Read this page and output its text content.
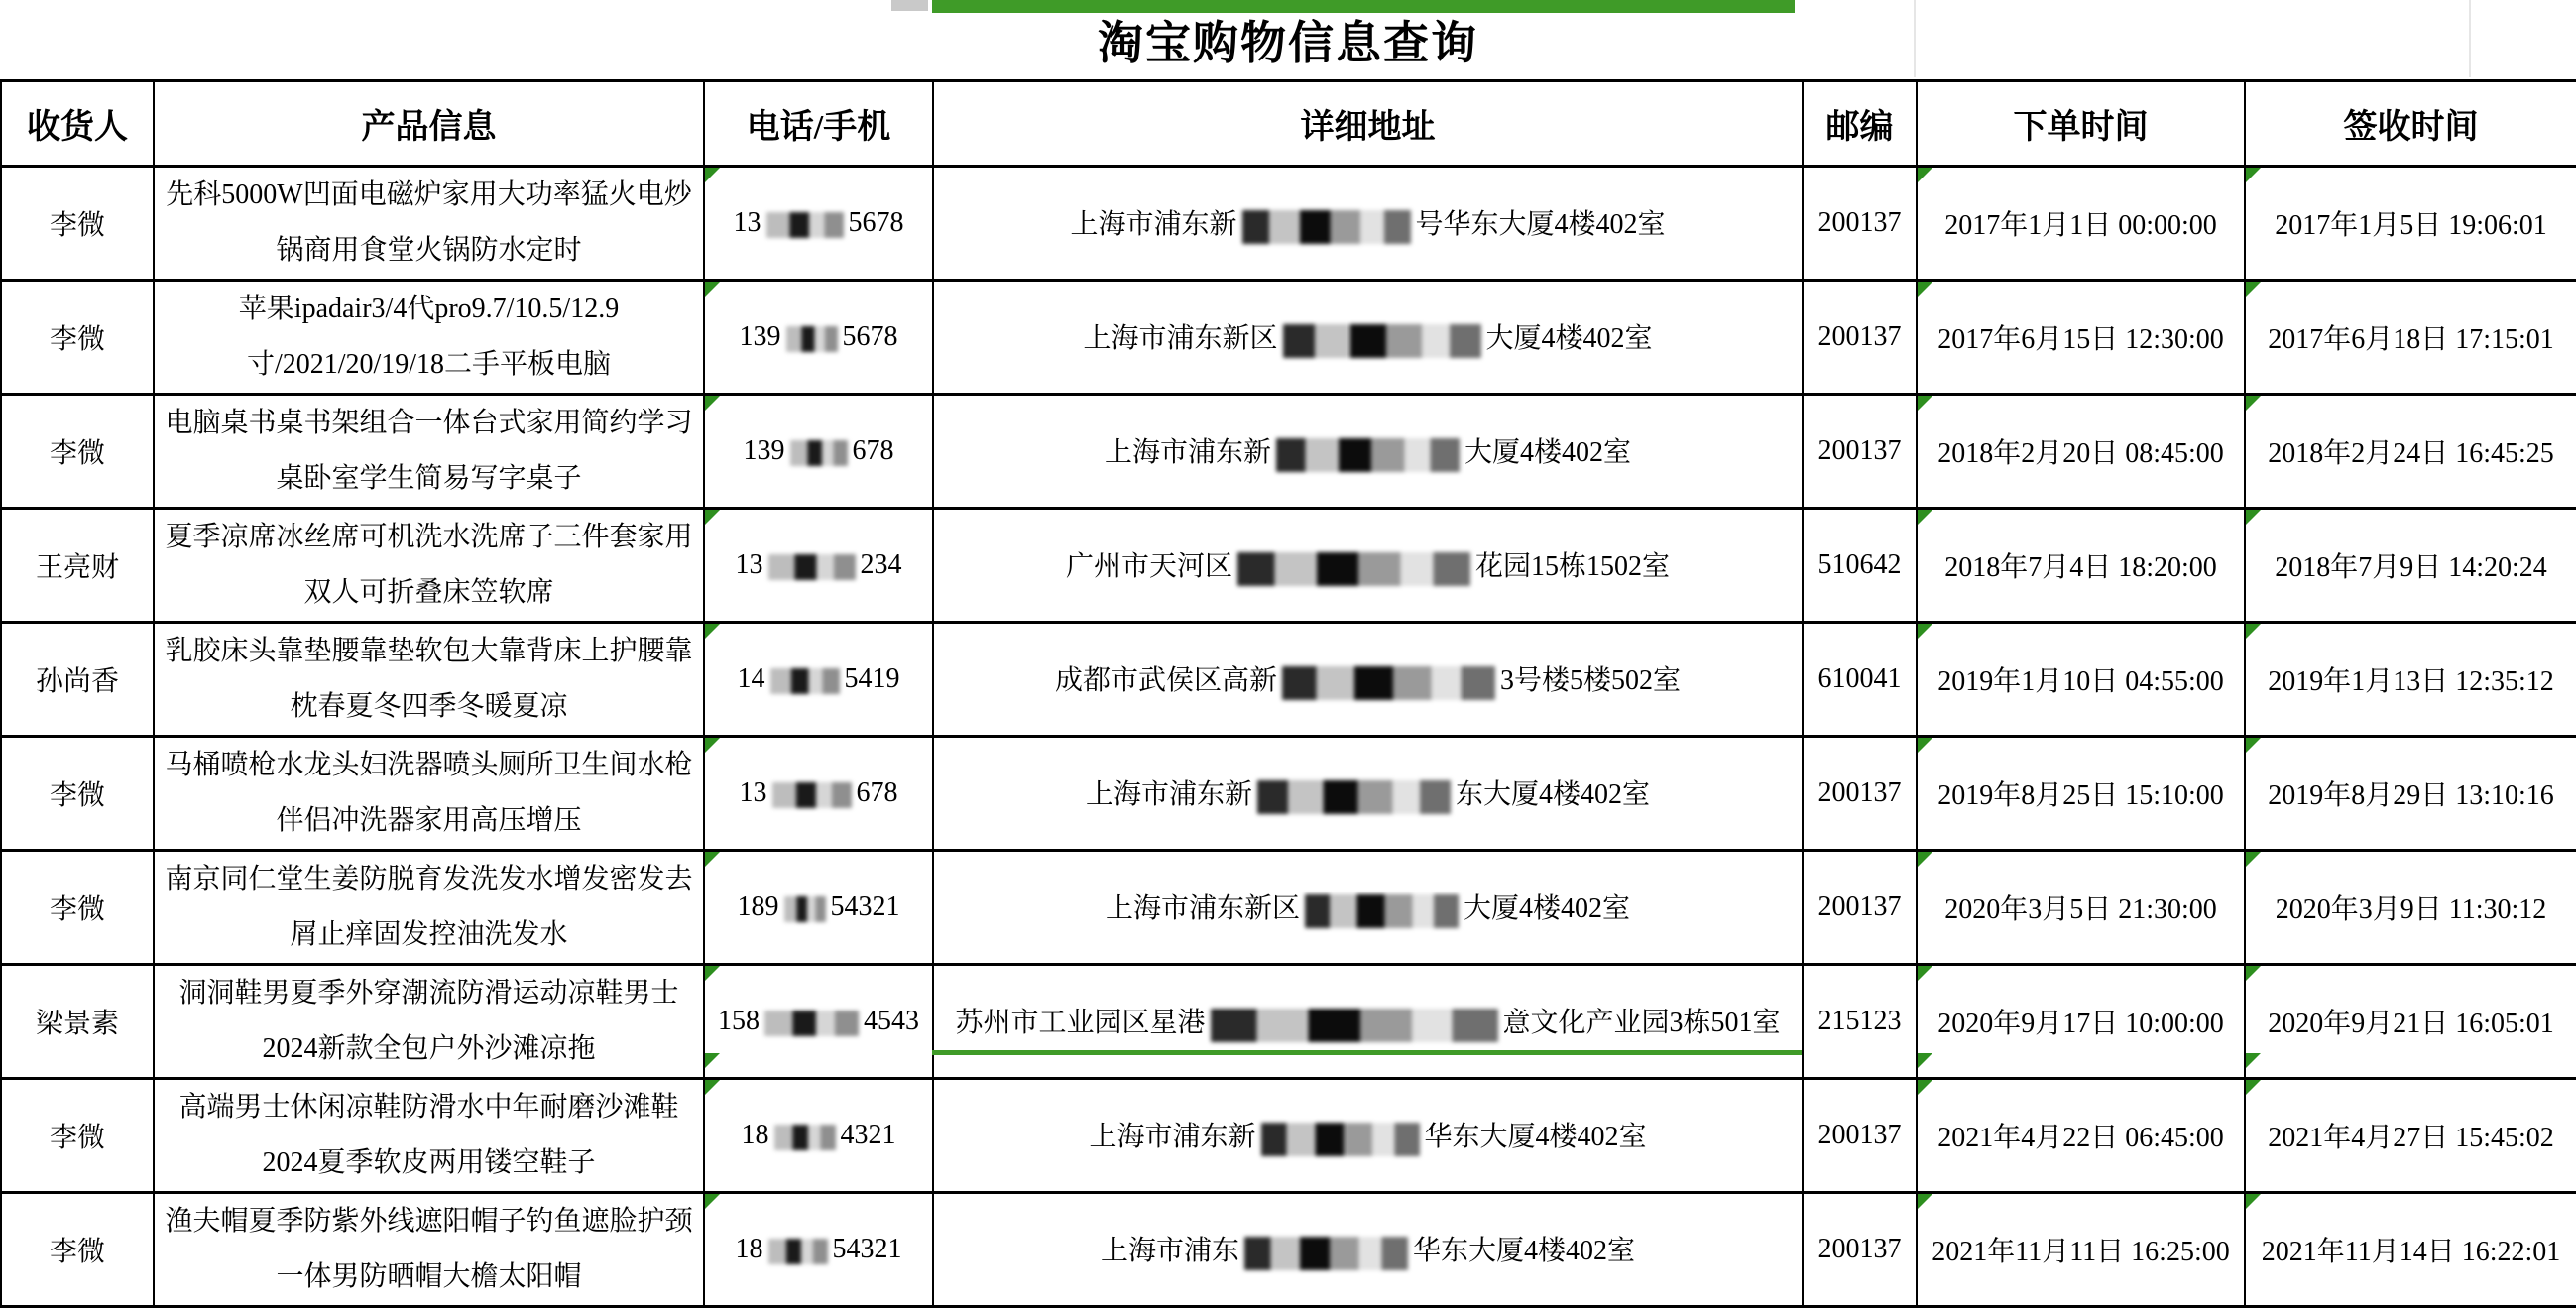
淘宝购物信息查询
收货人	产品信息	电话/手机	详细地址	邮编	下单时间	签收时间
李微	先科5000W凹面电磁炉家用大功率猛火电炒锅商用食堂火锅防水定时	13 5678	上海市浦东新 号华东大厦4楼402室	200137	2017年1月1日 00:00:00	2017年1月5日 19:06:01
李微	苹果ipadair3/4代pro9.7/10.5/12.9寸/2021/20/19/18二手平板电脑	139 5678	上海市浦东新区 大厦4楼402室	200137	2017年6月15日 12:30:00	2017年6月18日 17:15:01
李微	电脑桌书桌书架组合一体台式家用简约学习桌卧室学生简易写字桌子	139 678	上海市浦东新 大厦4楼402室	200137	2018年2月20日 08:45:00	2018年2月24日 16:45:25
王亮财	夏季凉席冰丝席可机洗水洗席子三件套家用双人可折叠床笠软席	13 234	广州市天河区 花园15栋1502室	510642	2018年7月4日 18:20:00	2018年7月9日 14:20:24
孙尚香	乳胶床头靠垫腰靠垫软包大靠背床上护腰靠枕春夏冬四季冬暖夏凉	14 5419	成都市武侯区高新 3号楼5楼502室	610041	2019年1月10日 04:55:00	2019年1月13日 12:35:12
李微	马桶喷枪水龙头妇洗器喷头厕所卫生间水枪伴侣冲洗器家用高压增压	13 678	上海市浦东新 东大厦4楼402室	200137	2019年8月25日 15:10:00	2019年8月29日 13:10:16
李微	南京同仁堂生姜防脱育发洗发水增发密发去屑止痒固发控油洗发水	189 54321	上海市浦东新区 大厦4楼402室	200137	2020年3月5日 21:30:00	2020年3月9日 11:30:12
梁景素	洞洞鞋男夏季外穿潮流防滑运动凉鞋男士2024新款全包户外沙滩凉拖	158 4543	苏州市工业园区星港 意文化产业园3栋501室	215123	2020年9月17日 10:00:00	2020年9月21日 16:05:01
李微	高端男士休闲凉鞋防滑水中年耐磨沙滩鞋2024夏季软皮两用镂空鞋子	18 4321	上海市浦东新 华东大厦4楼402室	200137	2021年4月22日 06:45:00	2021年4月27日 15:45:02
李微	渔夫帽夏季防紫外线遮阳帽子钓鱼遮脸护颈一体男防晒帽大檐太阳帽	18 54321	上海市浦东 华东大厦4楼402室	200137	2021年11月11日 16:25:00	2021年11月14日 16:22:01
